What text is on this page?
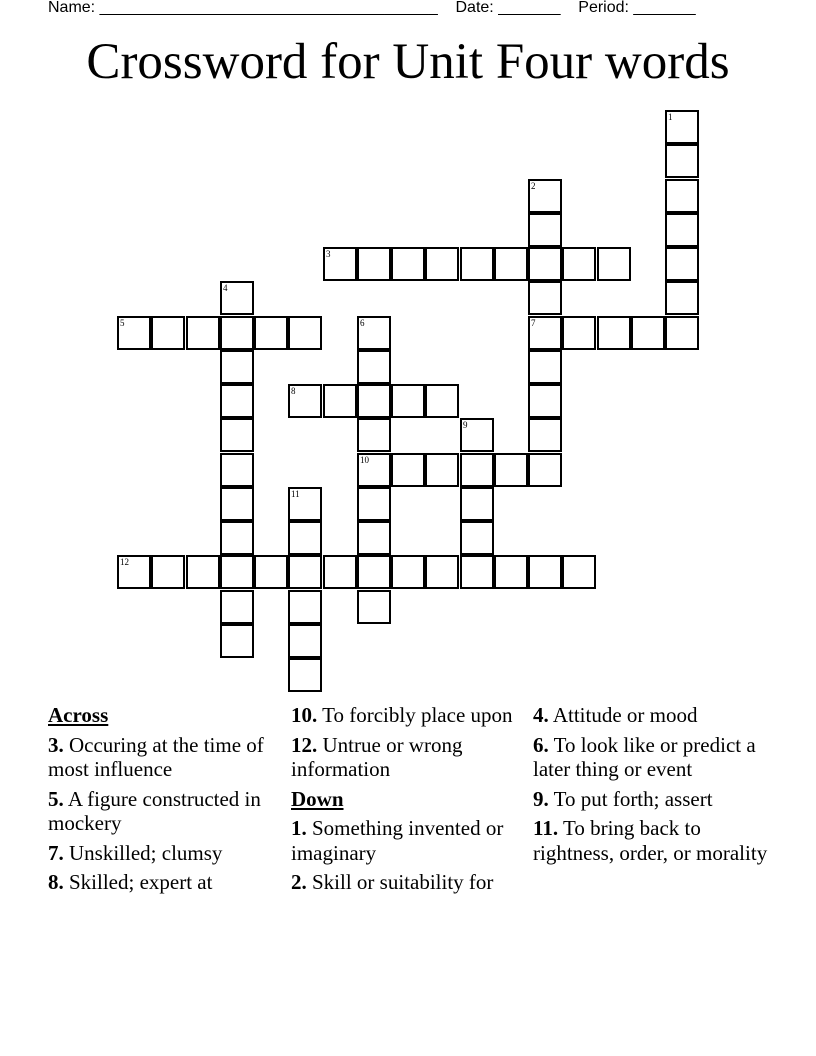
Name: ______________________________________ Date: _______ Period: _______
Crossword for Unit Four words
3
5	7
8
10
12
1
2
4
6
9
11
Across
3. Occuring at the time of most influence
5. A figure constructed in mockery
7. Unskilled; clumsy
8. Skilled; expert at
10. To forcibly place upon
12. Untrue or wrong information
Down
1. Something invented or imaginary
2. Skill or suitability for
4. Attitude or mood
6. To look like or predict a later thing or event
9. To put forth; assert
11. To bring back to rightness, order, or morality
